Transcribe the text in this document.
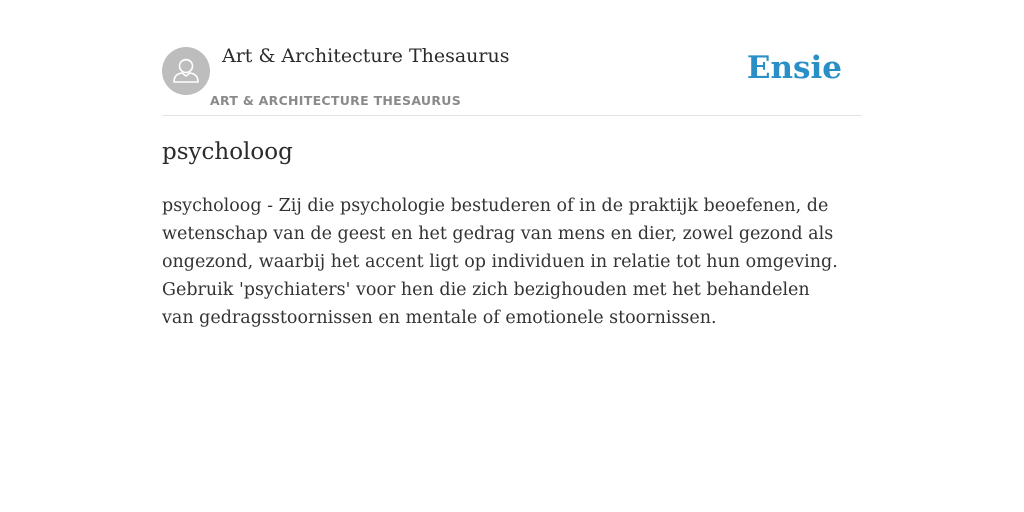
Art & Architecture Thesaurus
ART & ARCHITECTURE THESAURUS
Ensie
psycholoog

psycholoog - Zij die psychologie bestuderen of in de praktijk beoefenen, de wetenschap van de geest en het gedrag van mens en dier, zowel gezond als ongezond, waarbij het accent ligt op individuen in relatie tot hun omgeving. Gebruik 'psychiaters' voor hen die zich bezighouden met het behandelen van gedragsstoornissen en mentale of emotionele stoornissen.
